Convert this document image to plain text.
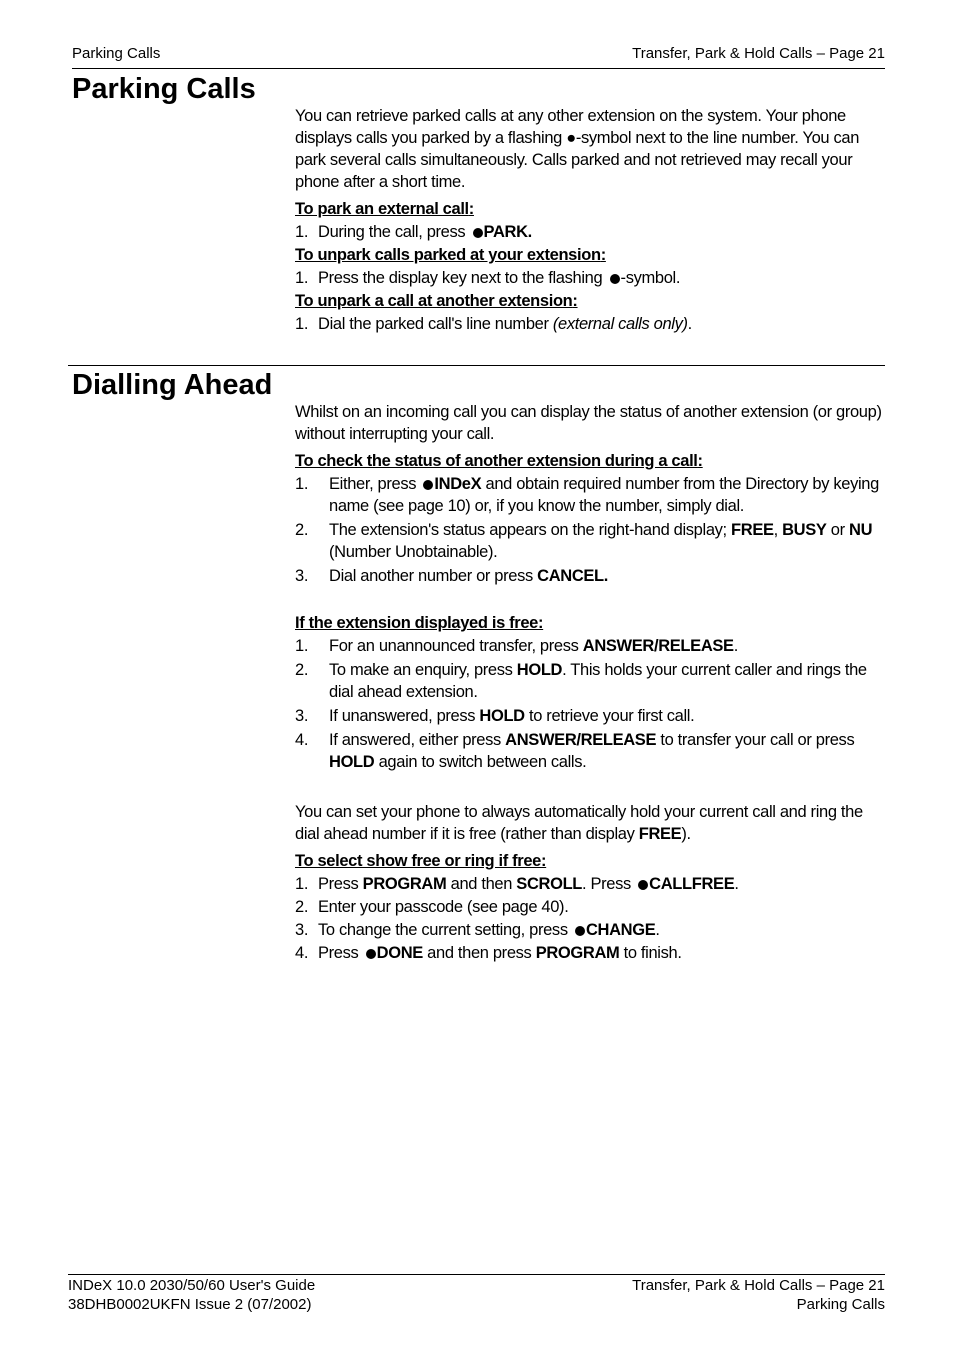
Parking Calls	Transfer, Park & Hold Calls – Page 21
Parking Calls

You can retrieve parked calls at any other extension on the system. Your phone displays calls you parked by a flashing ●-symbol next to the line number. You can park several calls simultaneously. Calls parked and not retrieved may recall your phone after a short time.

To park an external call:

1. During the call, press PARK.

To unpark calls parked at your extension:

1. Press the display key next to the flashing -symbol.

To unpark a call at another extension:

1. Dial the parked call's line number (external calls only).
Dialling Ahead

Whilst on an incoming call you can display the status of another extension (or group) without interrupting your call.

To check the status of another extension during a call:

1.	Either, press INDeX and obtain required number from the Directory by keying name (see page 10) or, if you know the number, simply dial.
2.	The extension's status appears on the right-hand display; FREE, BUSY or NU (Number Unobtainable).
3.	Dial another number or press CANCEL.

If the extension displayed is free:

1.	For an unannounced transfer, press ANSWER/RELEASE.
2.	To make an enquiry, press HOLD. This holds your current caller and rings the dial ahead extension.
3.	If unanswered, press HOLD to retrieve your first call.
4.	If answered, either press ANSWER/RELEASE to transfer your call or press HOLD again to switch between calls.

You can set your phone to always automatically hold your current call and ring the dial ahead number if it is free (rather than display FREE).

To select show free or ring if free:

1. Press PROGRAM and then SCROLL. Press CALLFREE.
2. Enter your passcode (see page 40).
3. To change the current setting, press CHANGE.
4. Press DONE and then press PROGRAM to finish.
INDeX 10.0 2030/50/60 User's Guide
38DHB0002UKFN Issue 2 (07/2002)
Transfer, Park & Hold Calls – Page 21
Parking Calls
